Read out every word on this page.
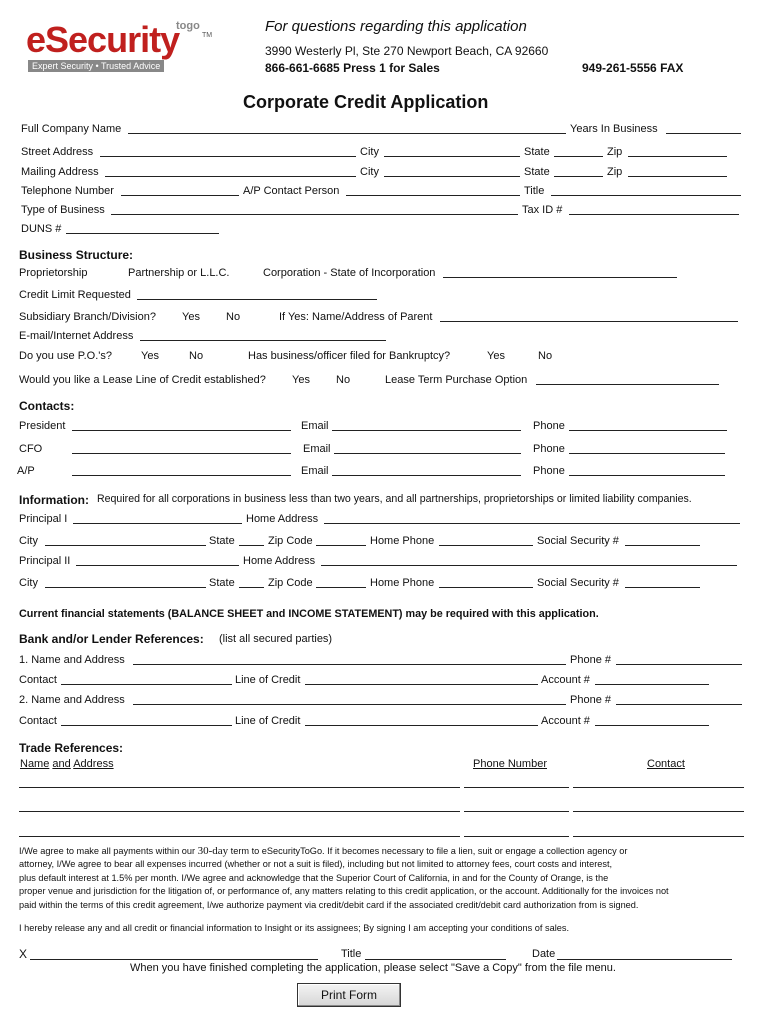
eSecurity
togo
TM
Expert Security • Trusted Advice
For questions regarding this application
3990 Westerly Pl, Ste 270 Newport Beach, CA 92660
866-661-6685 Press 1 for Sales	949-261-5556 FAX
Corporate Credit Application
Full Company Name	Years In Business
Street Address	City	State	Zip
Mailing Address	City	State	Zip
Telephone Number	A/P Contact Person	Title
Type of Business	Tax ID #
DUNS #
Business Structure:
Proprietorship	Partnership or L.L.C.	Corporation - State of Incorporation
Credit Limit Requested
Subsidiary Branch/Division? Yes No	If Yes: Name/Address of Parent
E-mail/Internet Address
Do you use P.O.'s?	Yes	No	Has business/officer filed for Bankruptcy?	Yes	No
Would you like a Lease Line of Credit established? Yes No	Lease Term Purchase Option
Contacts:
President	Email	Phone
CFO	Email	Phone
A/P	Email	Phone
Information: Required for all corporations in business less than two years, and all partnerships, proprietorships or limited liability companies.
Principal I	Home Address
City	State	Zip Code	Home Phone	Social Security #
Principal II	Home Address
City	State	Zip Code	Home Phone	Social Security #
Current financial statements (BALANCE SHEET and INCOME STATEMENT) may be required with this application.
Bank and/or Lender References: (list all secured parties)
1. Name and Address	Phone #
Contact	Line of Credit	Account #
2. Name and Address	Phone #
Contact	Line of Credit	Account #
Trade References:
Name and Address	Phone Number	Contact
I/We agree to make all payments within our 30-day term to eSecurityToGo. If it becomes necessary to file a lien, suit or engage a collection agency or
attorney, I/We agree to bear all expenses incurred (whether or not a suit is filed), including but not limited to attorney fees, court costs and interest,
plus default interest at 1.5% per month. I/We agree and acknowledge that the Superior Court of California, in and for the County of Orange, is the
proper venue and jurisdiction for the litigation of, or performance of, any matters relating to this credit application, or the account. Additionally for the invoices not
paid within the terms of this credit agreement, I/we authorize payment via credit/debit card if the associated credit/debit card authorization from is signed.
I hereby release any and all credit or financial information to Insight or its assignees; By signing I am accepting your conditions of sales.
X	Title	Date
When you have finished completing the application, please select "Save a Copy" from the file menu.
Print Form
